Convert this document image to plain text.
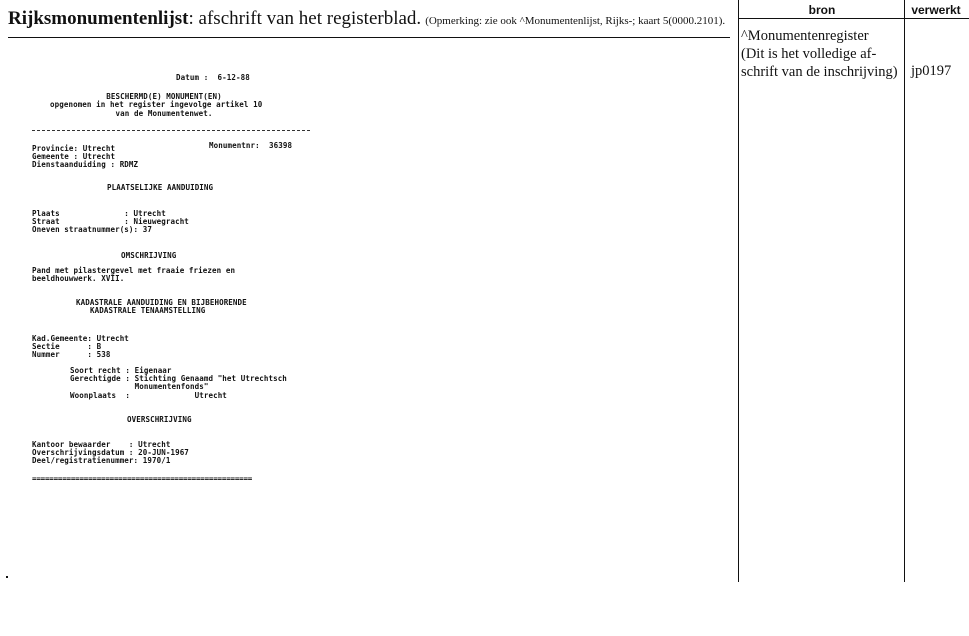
Rijksmonumentenlijst: afschrift van het registerblad. (Opmerking: zie ook ^Monumentenlijst, Rijks-; kaart 5(0000.2101).
bron	verwerkt
^Monumentenregister
(Dit is het volledige af-
schrift van de inschrijving) jp0197
Datum :  6-12-88
BESCHERMD(E) MONUMENT(EN)
opgenomen in het register ingevolge artikel 10
van de Monumentenwet.
Provincie: Utrecht	Monumentnr:  36398
Gemeente : Utrecht
Dienstaanduiding : RDMZ
PLAATSELIJKE AANDUIDING
Plaats              : Utrecht
Straat              : Nieuwegracht
Oneven straatnummer(s): 37
OMSCHRIJVING
Pand met pilastergevel met fraaie friezen en
beeldhouwwerk. XVII.
KADASTRALE AANDUIDING EN BIJBEHORENDE
KADASTRALE TENAAMSTELLING
Kad.Gemeente: Utrecht
Sectie      : B
Nummer      : 538
Soort recht : Eigenaar
Gerechtigde : Stichting Genaamd "het Utrechtsch
Monumentenfonds"
Woonplaats  :              Utrecht
OVERSCHRIJVING
Kantoor bewaarder    : Utrecht
Overschrijvingsdatum : 20-JUN-1967
Deel/registratienummer: 1970/1
===================================================
